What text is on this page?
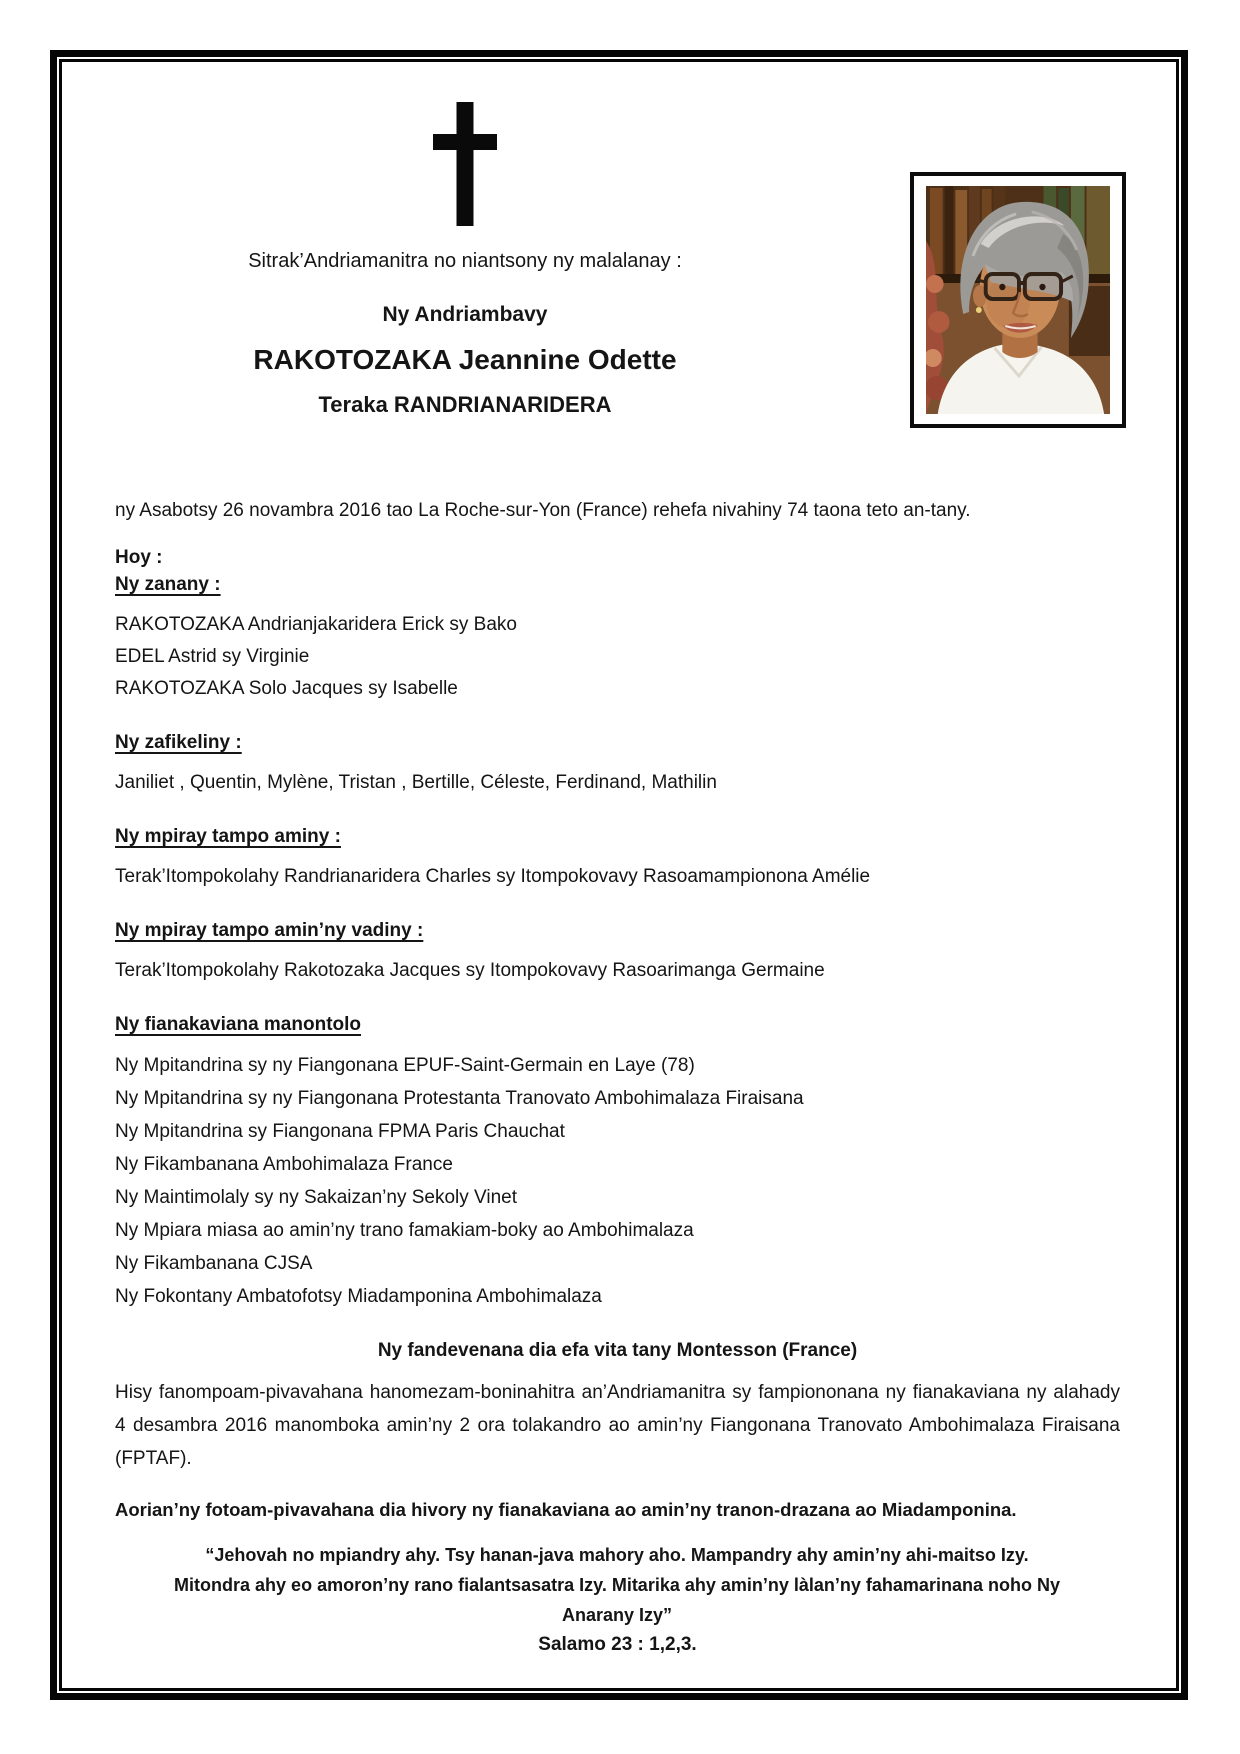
Sitrak’Andriamanitra no niantsony ny malalanay :
Ny Andriambavy
RAKOTOZAKA Jeannine Odette
Teraka RANDRIANARIDERA
ny Asabotsy 26 novambra 2016 tao La Roche-sur-Yon (France) rehefa nivahiny 74 taona teto an-tany.
Hoy :
Ny zanany :
RAKOTOZAKA Andrianjakaridera Erick sy Bako
EDEL Astrid sy Virginie
RAKOTOZAKA Solo Jacques sy Isabelle
Ny zafikeliny :
Janiliet , Quentin, Mylène, Tristan , Bertille, Céleste, Ferdinand, Mathilin
Ny mpiray tampo aminy :
Terak’Itompokolahy Randrianaridera Charles sy Itompokovavy Rasoamampionona Amélie
Ny mpiray tampo amin’ny vadiny :
Terak’Itompokolahy Rakotozaka Jacques sy Itompokovavy Rasoarimanga Germaine
Ny fianakaviana manontolo
Ny Mpitandrina sy ny Fiangonana EPUF-Saint-Germain en Laye (78)
Ny Mpitandrina sy ny Fiangonana Protestanta Tranovato Ambohimalaza Firaisana
Ny Mpitandrina sy Fiangonana FPMA Paris Chauchat
Ny Fikambanana Ambohimalaza France
Ny Maintimolaly sy ny Sakaizan’ny Sekoly Vinet
Ny Mpiara miasa ao amin’ny trano famakiam-boky ao Ambohimalaza
Ny Fikambanana CJSA
Ny Fokontany Ambatofotsy Miadamponina Ambohimalaza
Ny fandevenana dia efa vita tany Montesson (France)
Hisy fanompoam-pivavahana hanomezam-boninahitra an’Andriamanitra sy fampiononana ny fianakaviana ny alahady 4 desambra 2016 manomboka amin’ny 2 ora tolakandro ao amin’ny Fiangonana Tranovato Ambohimalaza Firaisana (FPTAF).
Aorian’ny fotoam-pivavahana dia hivory ny fianakaviana ao amin’ny tranon-drazana ao Miadamponina.
“Jehovah no mpiandry ahy. Tsy hanan-java mahory aho. Mampandry ahy amin’ny ahi-maitso Izy.
Mitondra ahy eo amoron’ny rano fialantsasatra Izy. Mitarika ahy amin’ny làlan’ny fahamarinana noho Ny
Anarany Izy”
Salamo 23 : 1,2,3.
